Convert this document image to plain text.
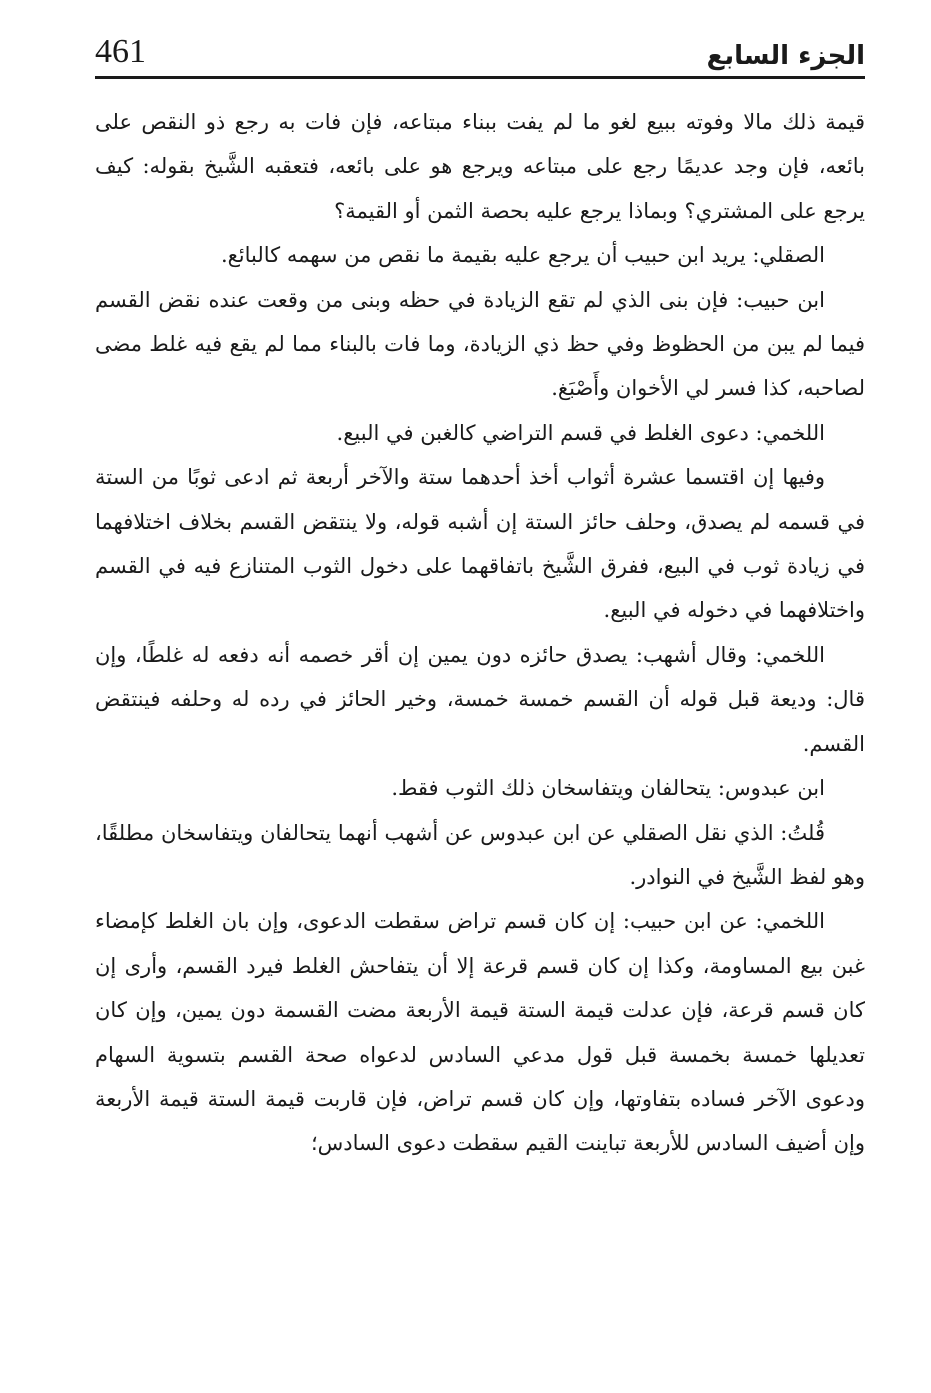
الجزء السابع
461

قيمة ذلك مالا وفوته ببيع لغو ما لم يفت ببناء مبتاعه، فإن فات به رجع ذو النقص على بائعه، فإن وجد عديمًا رجع على مبتاعه ويرجع هو على بائعه، فتعقبه الشَّيخ بقوله: كيف يرجع على المشتري؟ وبماذا يرجع عليه بحصة الثمن أو القيمة؟

الصقلي: يريد ابن حبيب أن يرجع عليه بقيمة ما نقص من سهمه كالبائع.

ابن حبيب: فإن بنى الذي لم تقع الزيادة في حظه وبنى من وقعت عنده نقض القسم فيما لم يبن من الحظوظ وفي حظ ذي الزيادة، وما فات بالبناء مما لم يقع فيه غلط مضى لصاحبه، كذا فسر لي الأخوان وأَصْبَغ.

اللخمي: دعوى الغلط في قسم التراضي كالغبن في البيع.

وفيها إن اقتسما عشرة أثواب أخذ أحدهما ستة والآخر أربعة ثم ادعى ثوبًا من الستة في قسمه لم يصدق، وحلف حائز الستة إن أشبه قوله، ولا ينتقض القسم بخلاف اختلافهما في زيادة ثوب في البيع، ففرق الشَّيخ باتفاقهما على دخول الثوب المتنازع فيه في القسم واختلافهما في دخوله في البيع.

اللخمي: وقال أشهب: يصدق حائزه دون يمين إن أقر خصمه أنه دفعه له غلطًا، وإن قال: وديعة قبل قوله أن القسم خمسة خمسة، وخير الحائز في رده له وحلفه فينتقض القسم.

ابن عبدوس: يتحالفان ويتفاسخان ذلك الثوب فقط.

قُلتُ: الذي نقل الصقلي عن ابن عبدوس عن أشهب أنهما يتحالفان ويتفاسخان مطلقًا، وهو لفظ الشَّيخ في النوادر.

اللخمي: عن ابن حبيب: إن كان قسم تراض سقطت الدعوى، وإن بان الغلط كإمضاء غبن بيع المساومة، وكذا إن كان قسم قرعة إلا أن يتفاحش الغلط فيرد القسم، وأرى إن كان قسم قرعة، فإن عدلت قيمة الستة قيمة الأربعة مضت القسمة دون يمين، وإن كان تعديلها خمسة بخمسة قبل قول مدعي السادس لدعواه صحة القسم بتسوية السهام ودعوى الآخر فساده بتفاوتها، وإن كان قسم تراض، فإن قاربت قيمة الستة قيمة الأربعة وإن أضيف السادس للأربعة تباينت القيم سقطت دعوى السادس؛
